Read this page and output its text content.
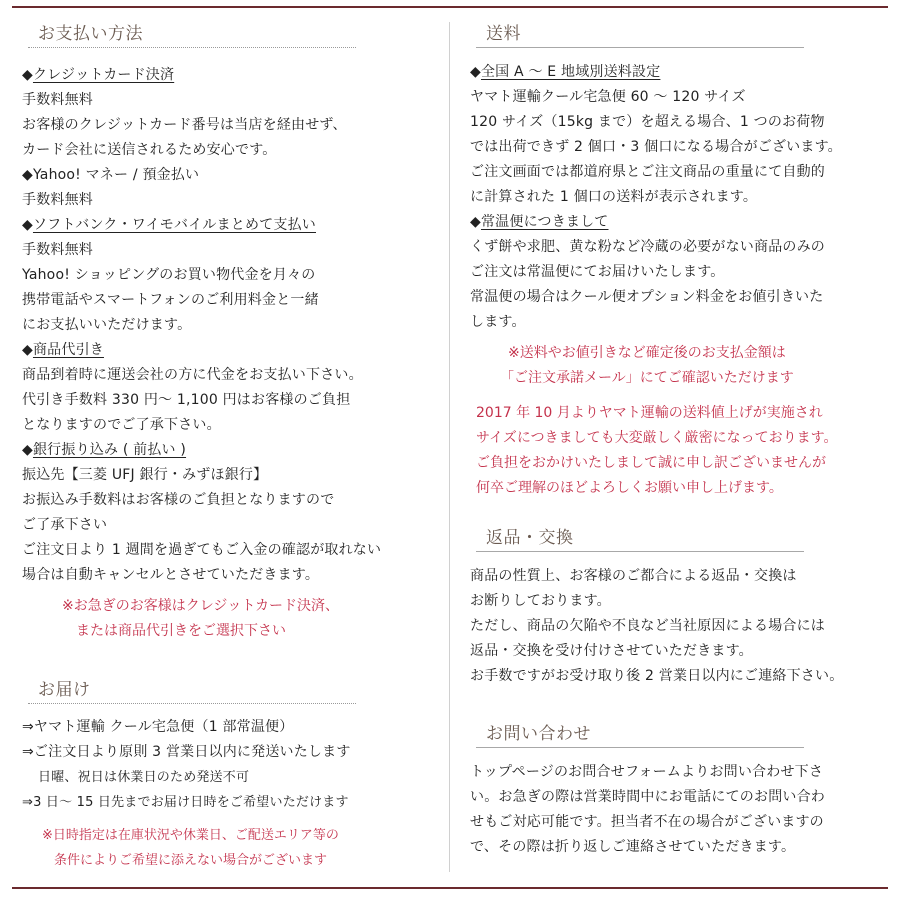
お支払い方法
◆クレジットカード決済
手数料無料
お客様のクレジットカード番号は当店を経由せず、
カード会社に送信されるため安心です。
◆Yahoo! マネー / 預金払い
手数料無料
◆ソフトバンク・ワイモバイルまとめて支払い
手数料無料
Yahoo! ショッピングのお買い物代金を月々の
携帯電話やスマートフォンのご利用料金と一緒
にお支払いいただけます。
◆商品代引き
商品到着時に運送会社の方に代金をお支払い下さい。
代引き手数料 330 円～ 1,100 円はお客様のご負担
となりますのでご了承下さい。
◆銀行振り込み ( 前払い )
振込先【三菱 UFJ 銀行・みずほ銀行】
お振込み手数料はお客様のご負担となりますので
ご了承下さい
ご注文日より 1 週間を過ぎてもご入金の確認が取れない
場合は自動キャンセルとさせていただきます。
※お急ぎのお客様はクレジットカード決済、
または商品代引きをご選択下さい
お届け
⇒ヤマト運輸 クール宅急便（1 部常温便）
⇒ご注文日より原則 3 営業日以内に発送いたします
日曜、祝日は休業日のため発送不可
⇒3 日～ 15 日先までお届け日時をご希望いただけます
※日時指定は在庫状況や休業日、ご配送エリア等の
条件によりご希望に添えない場合がございます
送料
◆全国 A ～ E 地域別送料設定
ヤマト運輸クール宅急便 60 ～ 120 サイズ
120 サイズ（15kg まで）を超える場合、1 つのお荷物
では出荷できず 2 個口・3 個口になる場合がございます。
ご注文画面では都道府県とご注文商品の重量にて自動的
に計算された 1 個口の送料が表示されます。
◆常温便につきまして
くず餅や求肥、黄な粉など冷蔵の必要がない商品のみの
ご注文は常温便にてお届けいたします。
常温便の場合はクール便オプション料金をお値引きいた
します。
※送料やお値引きなど確定後のお支払金額は
「ご注文承諾メール」にてご確認いただけます
2017 年 10 月よりヤマト運輸の送料値上げが実施され
サイズにつきましても大変厳しく厳密になっております。
ご負担をおかけいたしまして誠に申し訳ございませんが
何卒ご理解のほどよろしくお願い申し上げます。
返品・交換
商品の性質上、お客様のご都合による返品・交換は
お断りしております。
ただし、商品の欠陥や不良など当社原因による場合には
返品・交換を受け付けさせていただきます。
お手数ですがお受け取り後 2 営業日以内にご連絡下さい。
お問い合わせ
トップページのお問合せフォームよりお問い合わせ下さ
い。お急ぎの際は営業時間中にお電話にてのお問い合わ
せもご対応可能です。担当者不在の場合がございますの
で、その際は折り返しご連絡させていただきます。
